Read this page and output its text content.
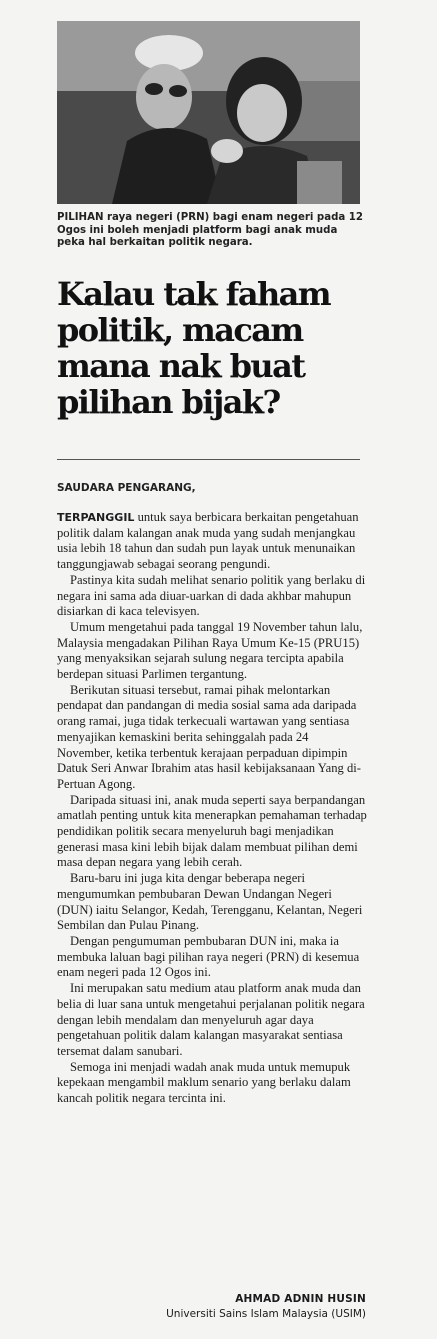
PILIHAN raya negeri (PRN) bagi enam negeri pada 12 Ogos ini boleh menjadi platform bagi anak muda peka hal berkaitan politik negara.
Kalau tak faham politik, macam mana nak buat pilihan bijak?
SAUDARA PENGARANG,

TERPANGGIL untuk saya berbicara berkaitan pengetahuan politik dalam kalangan anak muda yang sudah menjangkau usia lebih 18 tahun dan sudah pun layak untuk menunaikan tanggungjawab sebagai seorang pengundi.

Pastinya kita sudah melihat senario politik yang berlaku di negara ini sama ada diuar-uarkan di dada akhbar mahupun disiarkan di kaca televisyen.

Umum mengetahui pada tanggal 19 November tahun lalu, Malaysia mengadakan Pilihan Raya Umum Ke-15 (PRU15) yang menyaksikan sejarah sulung negara tercipta apabila berdepan situasi Parlimen tergantung.

Berikutan situasi tersebut, ramai pihak melontarkan pendapat dan pandangan di media sosial sama ada daripada orang ramai, juga tidak terkecuali wartawan yang sentiasa menyajikan kemaskini berita sehinggalah pada 24 November, ketika terbentuk kerajaan perpaduan dipimpin Datuk Seri Anwar Ibrahim atas hasil kebijaksanaan Yang di-Pertuan Agong.

Daripada situasi ini, anak muda seperti saya berpandangan amatlah penting untuk kita menerapkan pemahaman terhadap pendidikan politik secara menyeluruh bagi menjadikan generasi masa kini lebih bijak dalam membuat pilihan demi masa depan negara yang lebih cerah.

Baru-baru ini juga kita dengar beberapa negeri mengumumkan pembubaran Dewan Undangan Negeri (DUN) iaitu Selangor, Kedah, Terengganu, Kelantan, Negeri Sembilan dan Pulau Pinang.

Dengan pengumuman pembubaran DUN ini, maka ia membuka laluan bagi pilihan raya negeri (PRN) di kesemua enam negeri pada 12 Ogos ini.

Ini merupakan satu medium atau platform anak muda dan belia di luar sana untuk mengetahui perjalanan politik negara dengan lebih mendalam dan menyeluruh agar daya pengetahuan politik dalam kalangan masyarakat sentiasa tersemat dalam sanubari.

Semoga ini menjadi wadah anak muda untuk memupuk kepekaan mengambil maklum senario yang berlaku dalam kancah politik negara tercinta ini.

AHMAD ADNIN HUSIN
Universiti Sains Islam Malaysia (USIM)
